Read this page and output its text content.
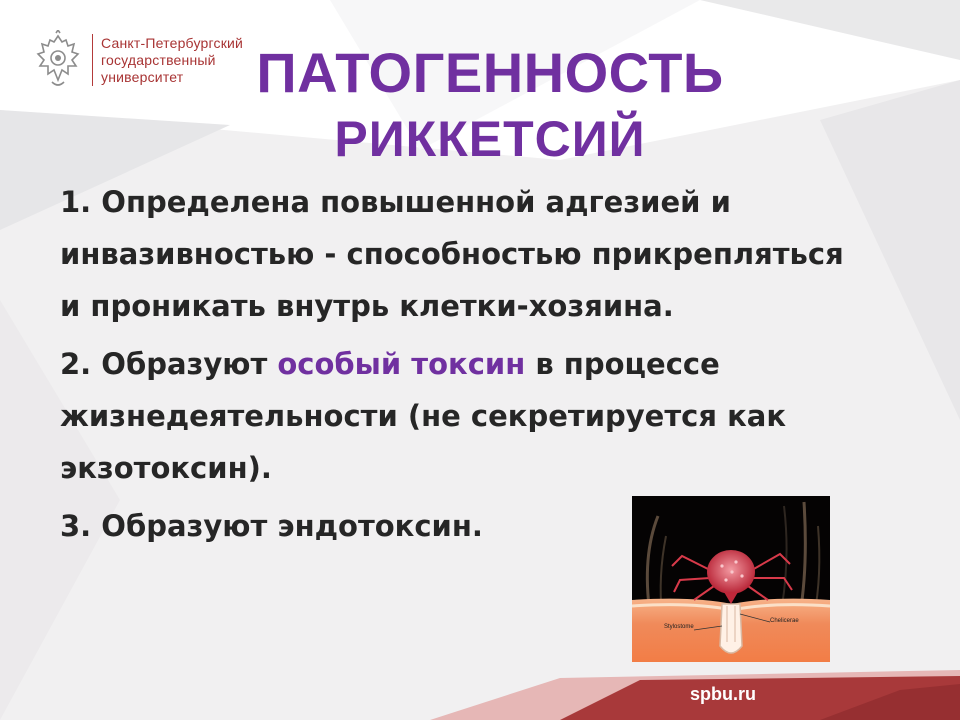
Санкт-Петербургский
государственный
университет	ПАТОГЕННОСТЬ
РИККЕТСИЙ

1. Определена повышенной адгезией и инвазивностью - способностью прикрепляться и проникать внутрь клетки-хозяина.

2. Образуют особый токсин в процессе жизнедеятельности (не секретируется как экзотоксин).

3. Образуют эндотоксин.

Stylostome
Chelicerae
spbu.ru
